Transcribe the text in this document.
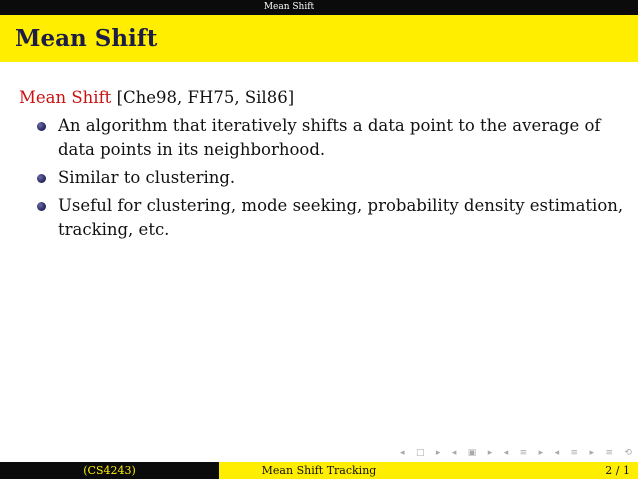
Mean Shift
Mean Shift

Mean Shift [Che98, FH75, Sil86]

An algorithm that iteratively shifts a data point to the average of data points in its neighborhood.
Similar to clustering.
Useful for clustering, mode seeking, probability density estimation, tracking, etc.
◂ □ ▸ ◂ ▣ ▸ ◂ ≡ ▸ ◂ ≡ ▸ ≡ ⟲
(CS4243)	Mean Shift Tracking	2 / 1
